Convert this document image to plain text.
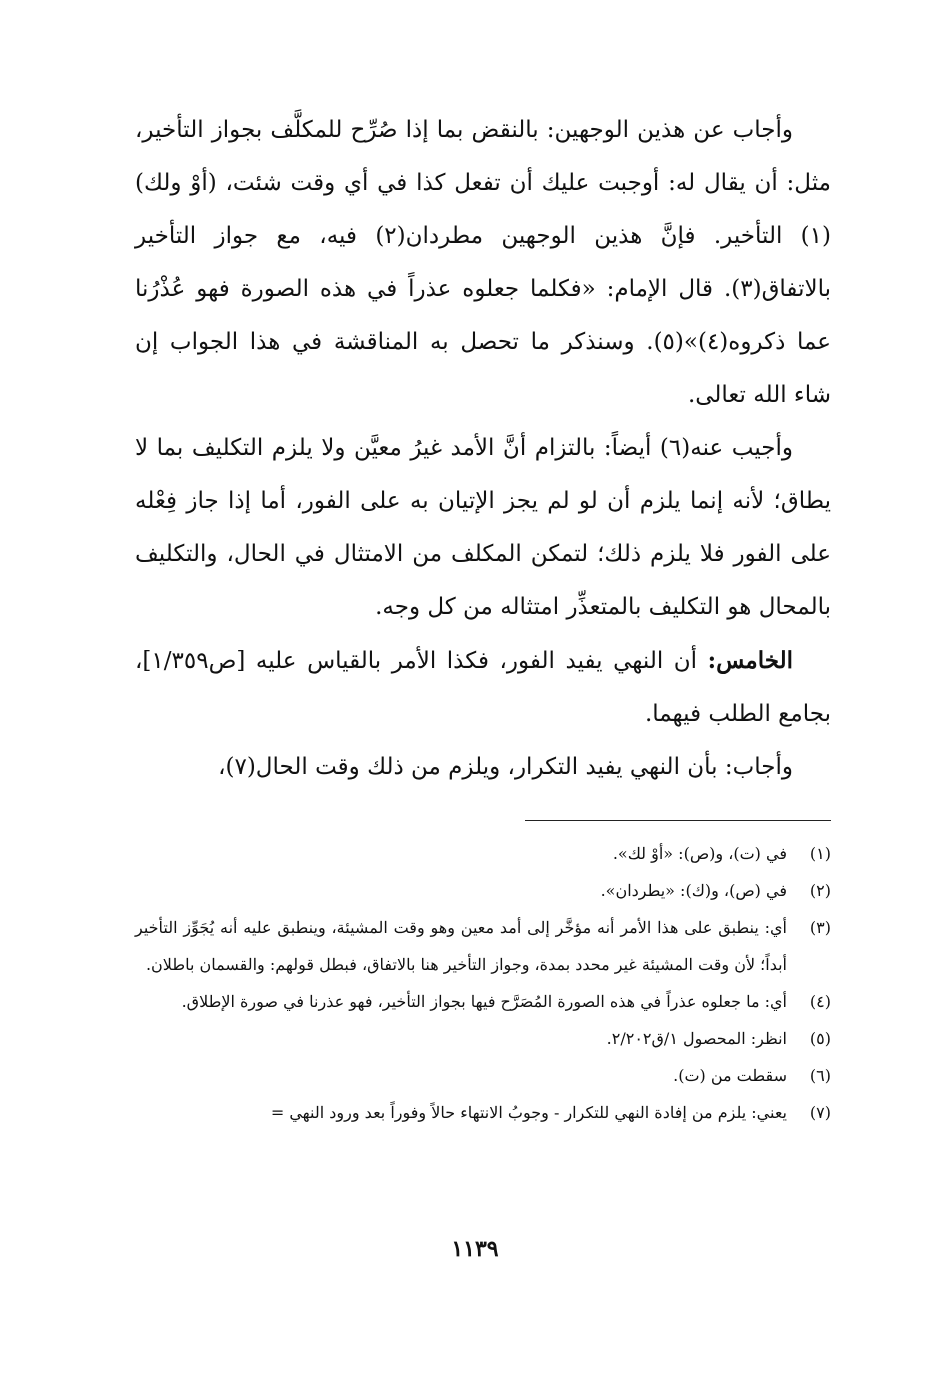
وأجاب عن هذين الوجهين: بالنقض بما إذا صُرِّح للمكلَّف بجواز التأخير، مثل: أن يقال له: أوجبت عليك أن تفعل كذا في أي وقت شئت، (أوْ ولك)(١) التأخير. فإنَّ هذين الوجهين مطردان(٢) فيه، مع جواز التأخير بالاتفاق(٣). قال الإمام: «فكلما جعلوه عذراً في هذه الصورة فهو عُذْرُنا عما ذكروه(٤)»(٥). وسنذكر ما تحصل به المناقشة في هذا الجواب إن شاء الله تعالى.

وأجيب عنه(٦) أيضاً: بالتزام أنَّ الأمد غيرُ معيَّن ولا يلزم التكليف بما لا يطاق؛ لأنه إنما يلزم أن لو لم يجز الإتيان به على الفور، أما إذا جاز فِعْله على الفور فلا يلزم ذلك؛ لتمكن المكلف من الامتثال في الحال، والتكليف بالمحال هو التكليف بالمتعذِّر امتثاله من كل وجه.

الخامس: أن النهي يفيد الفور، فكذا الأمر بالقياس عليه [ص١/٣٥٩]، بجامع الطلب فيهما.

وأجاب: بأن النهي يفيد التكرار، ويلزم من ذلك وقت الحال(٧)،

(١)
في (ت)، و(ص): «أوْ لك».
(٢)
في (ص)، و(ك): «يطردان».
(٣)
أي: ينطبق على هذا الأمر أنه مؤخَّر إلى أمد معين وهو وقت المشيئة، وينطبق عليه أنه يُجَوِّز التأخير أبداً؛ لأن وقت المشيئة غير محدد بمدة، وجواز التأخير هنا بالاتفاق، فبطل قولهم: والقسمان باطلان.
(٤)
أي: ما جعلوه عذراً في هذه الصورة المُصَرَّح فيها بجواز التأخير، فهو عذرنا في صورة الإطلاق.
(٥)
انظر: المحصول ١/ق٢/٢٠٢.
(٦)
سقطت من (ت).
(٧)
يعني: يلزم من إفادة النهي للتكرار - وجوبُ الانتهاء حالاً وفوراً بعد ورود النهي =
١١٣٩
